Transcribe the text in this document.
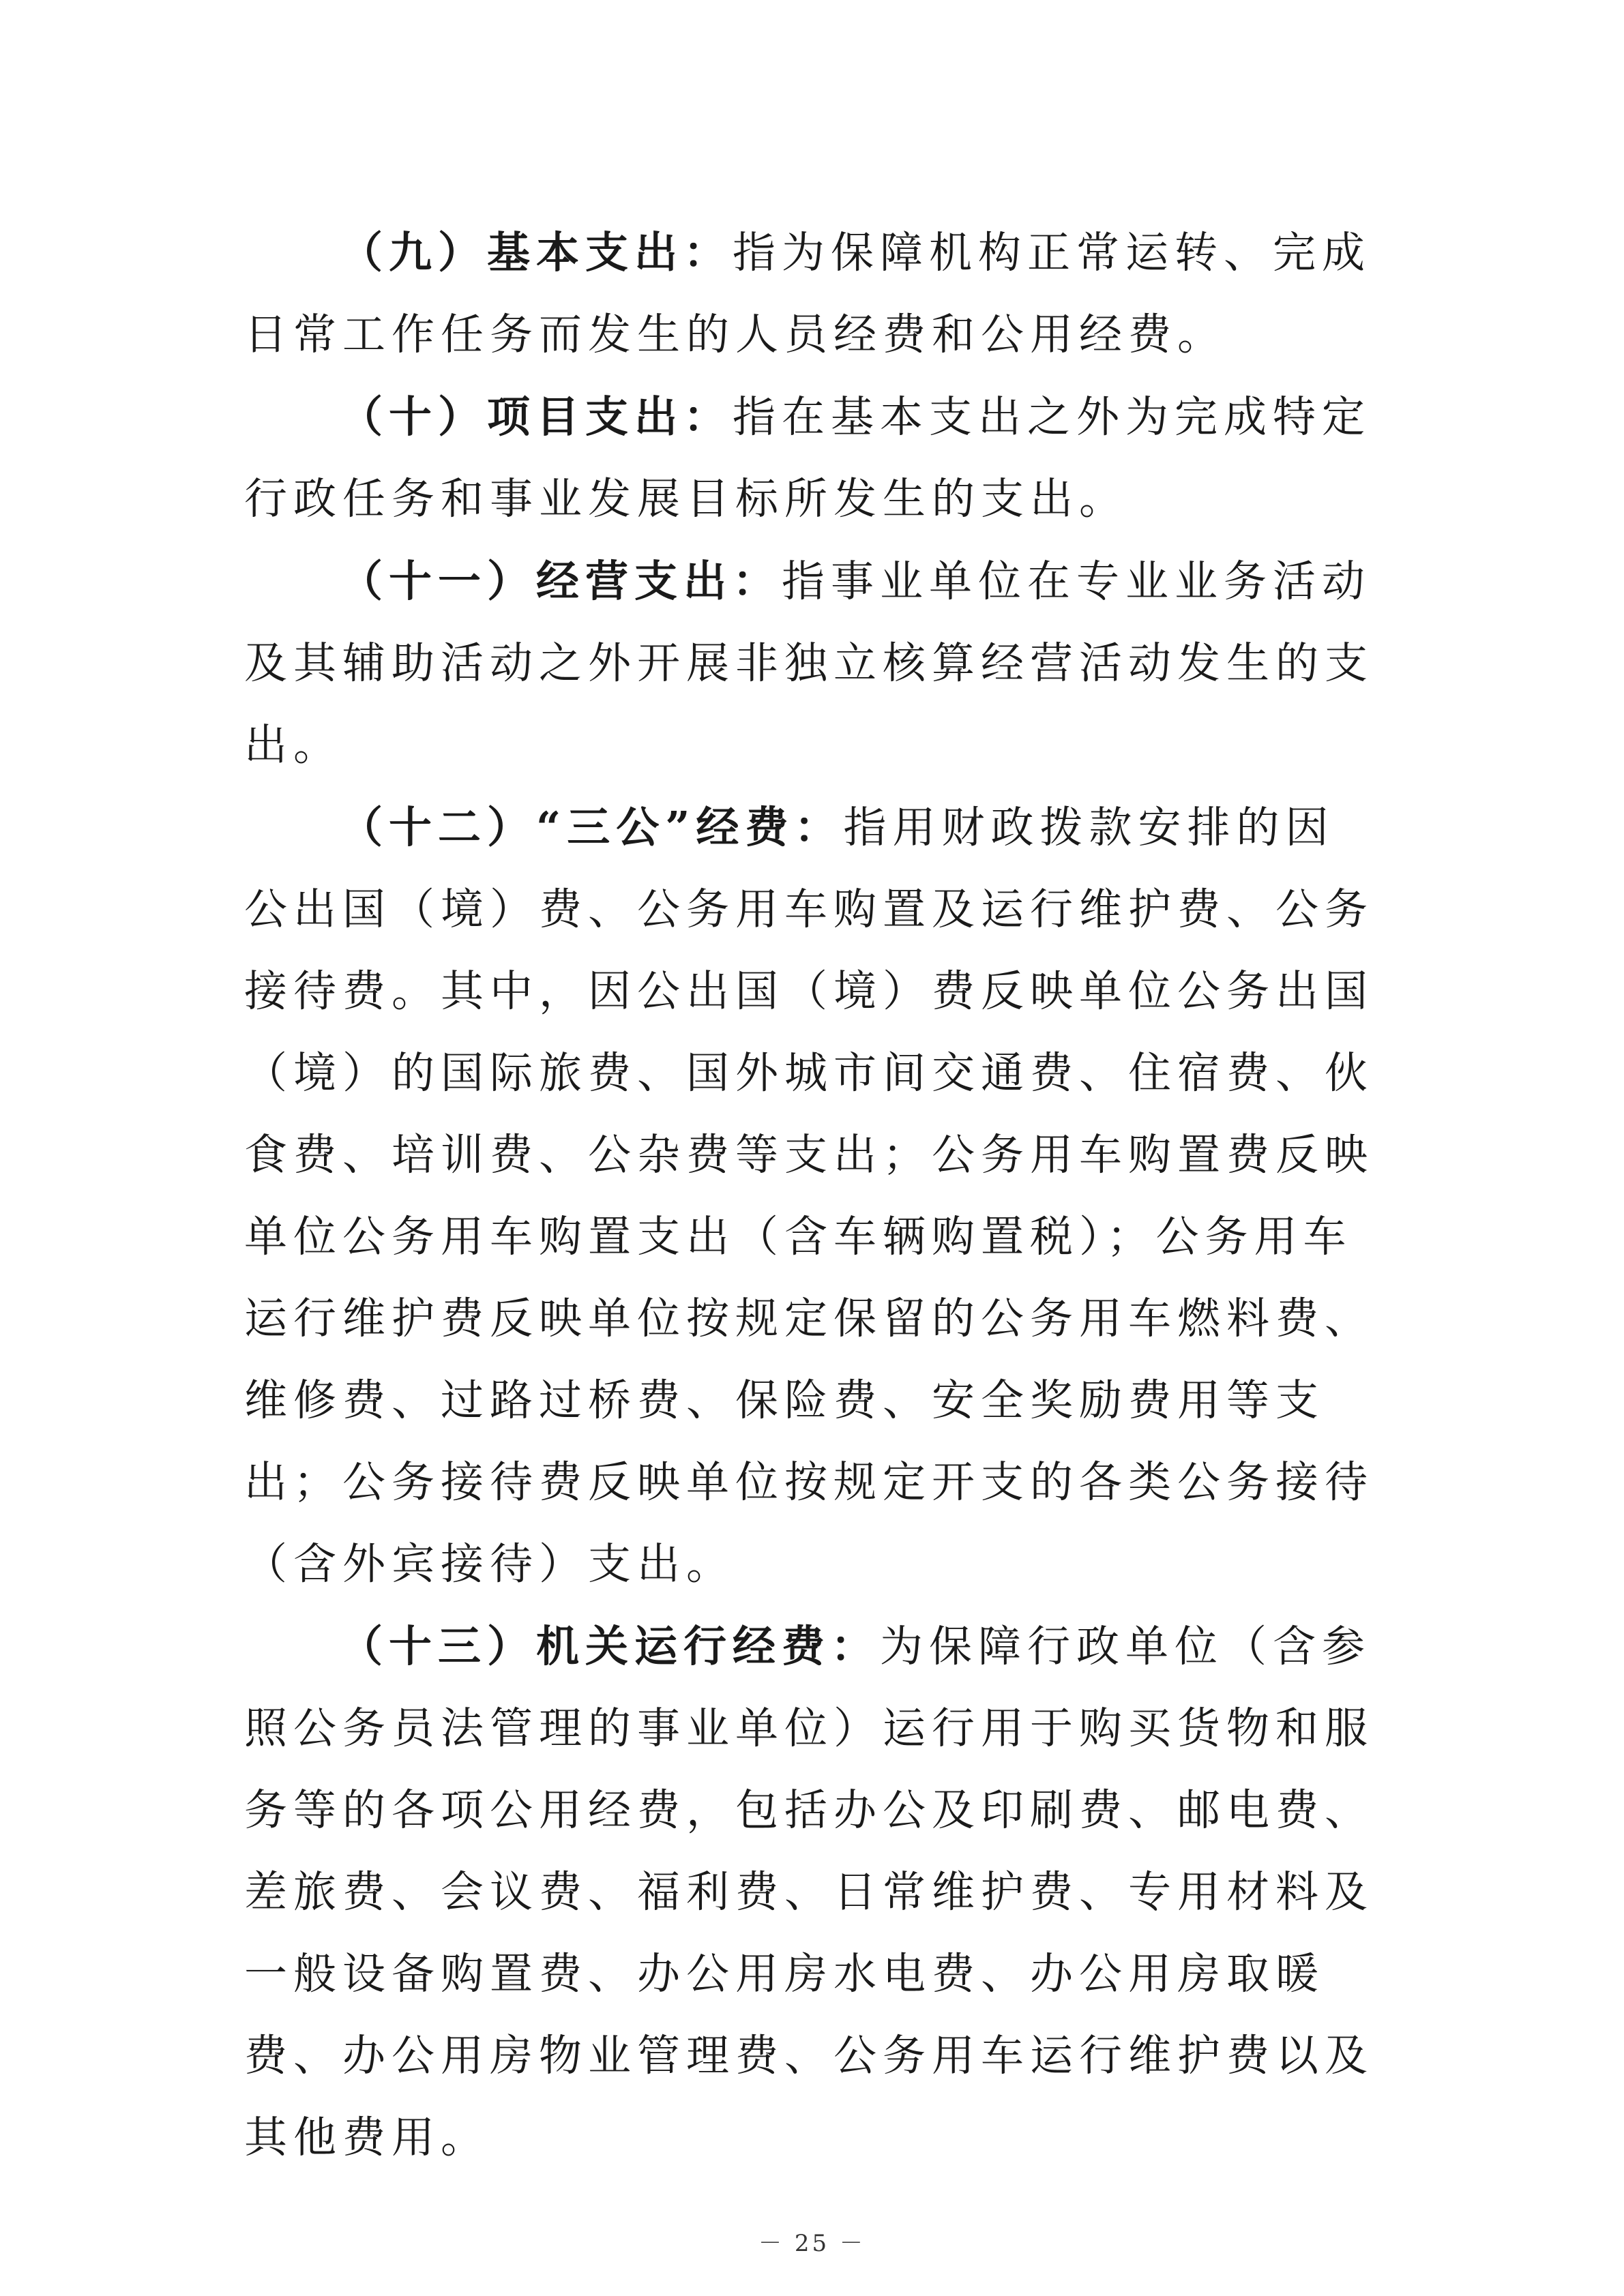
（九）基本支出：指为保障机构正常运转、完成日常工作任务而发生的人员经费和公用经费。

（十）项目支出：指在基本支出之外为完成特定行政任务和事业发展目标所发生的支出。

（十一）经营支出：指事业单位在专业业务活动及其辅助活动之外开展非独立核算经营活动发生的支出。

（十二）“三公”经费：指用财政拨款安排的因公出国（境）费、公务用车购置及运行维护费、公务接待费。其中，因公出国（境）费反映单位公务出国（境）的国际旅费、国外城市间交通费、住宿费、伙食费、培训费、公杂费等支出；公务用车购置费反映单位公务用车购置支出（含车辆购置税）；公务用车运行维护费反映单位按规定保留的公务用车燃料费、维修费、过路过桥费、保险费、安全奖励费用等支出；公务接待费反映单位按规定开支的各类公务接待（含外宾接待）支出。

（十三）机关运行经费：为保障行政单位（含参照公务员法管理的事业单位）运行用于购买货物和服务等的各项公用经费，包括办公及印刷费、邮电费、差旅费、会议费、福利费、日常维护费、专用材料及一般设备购置费、办公用房水电费、办公用房取暖费、办公用房物业管理费、公务用车运行维护费以及其他费用。

－ 25 －
